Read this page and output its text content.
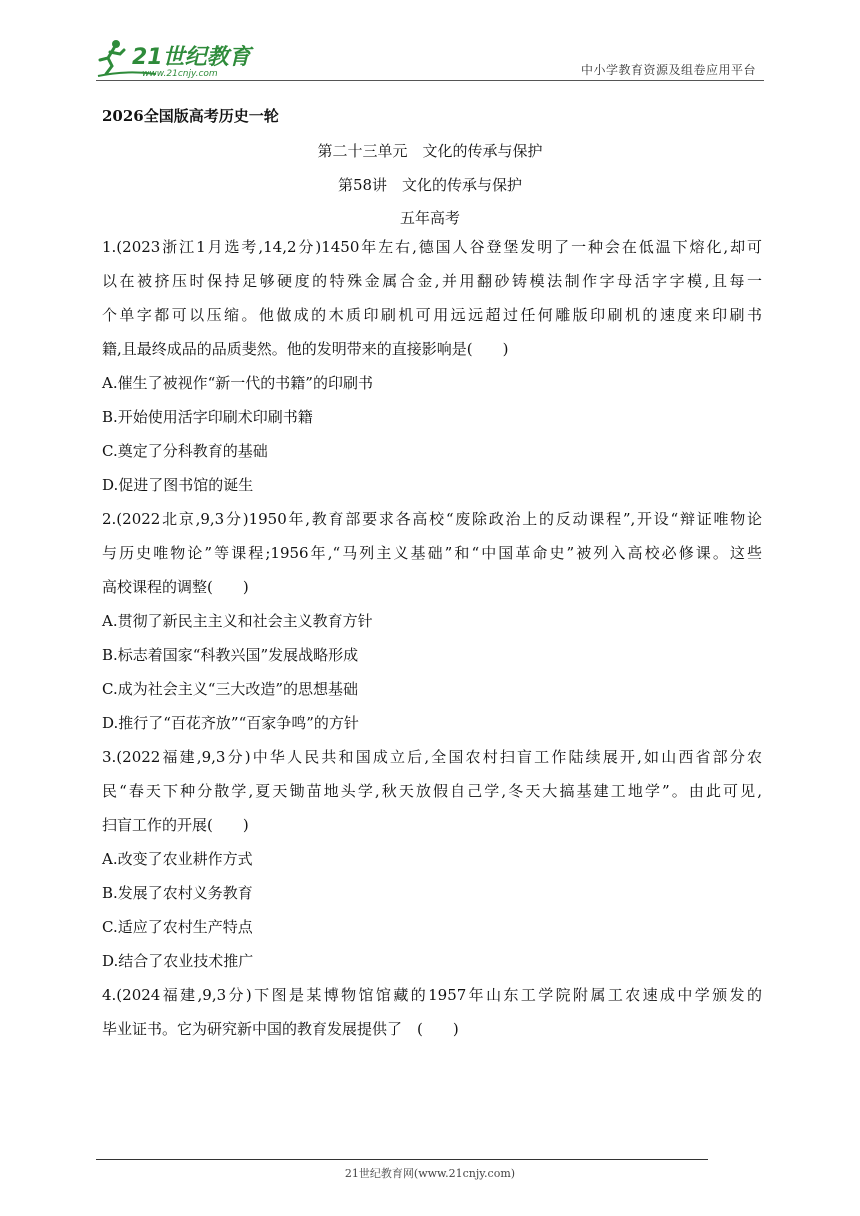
21世纪教育
www.21cnjy.com	中小学教育资源及组卷应用平台
2026全国版高考历史一轮
第二十三单元　文化的传承与保护
第58讲　文化的传承与保护
五年高考
1.(2023浙江1月选考,14,2分)1450年左右,德国人谷登堡发明了一种会在低温下熔化,却可
以在被挤压时保持足够硬度的特殊金属合金,并用翻砂铸模法制作字母活字字模,且每一
个单字都可以压缩。他做成的木质印刷机可用远远超过任何雕版印刷机的速度来印刷书
籍,且最终成品的品质斐然。他的发明带来的直接影响是(　　)
A.催生了被视作“新一代的书籍”的印刷书
B.开始使用活字印刷术印刷书籍
C.奠定了分科教育的基础
D.促进了图书馆的诞生
2.(2022北京,9,3分)1950年,教育部要求各高校“废除政治上的反动课程”,开设“辩证唯物论
与历史唯物论”等课程;1956年,“马列主义基础”和“中国革命史”被列入高校必修课。这些
高校课程的调整(　　)
A.贯彻了新民主主义和社会主义教育方针
B.标志着国家“科教兴国”发展战略形成
C.成为社会主义“三大改造”的思想基础
D.推行了“百花齐放”“百家争鸣”的方针
3.(2022福建,9,3分)中华人民共和国成立后,全国农村扫盲工作陆续展开,如山西省部分农
民“春天下种分散学,夏天锄苗地头学,秋天放假自己学,冬天大搞基建工地学”。由此可见,
扫盲工作的开展(　　)
A.改变了农业耕作方式
B.发展了农村义务教育
C.适应了农村生产特点
D.结合了农业技术推广
4.(2024福建,9,3分)下图是某博物馆馆藏的1957年山东工学院附属工农速成中学颁发的
毕业证书。它为研究新中国的教育发展提供了　(　　)
21世纪教育网(www.21cnjy.com)
